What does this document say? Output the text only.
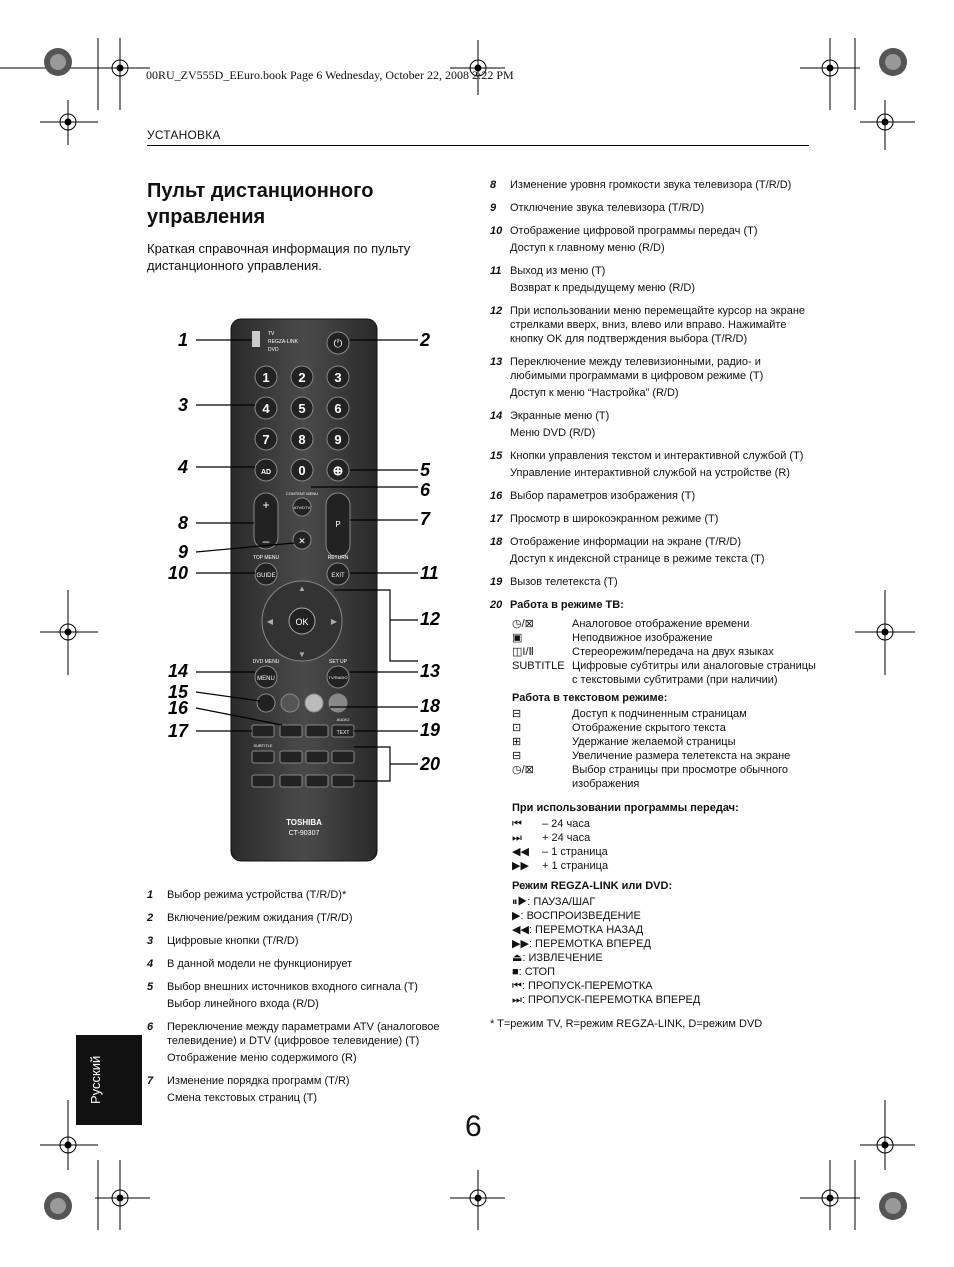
00RU_ZV555D_EEuro.book Page 6 Wednesday, October 22, 2008 2:22 PM
УСТАНОВКА
Пульт дистанционного управления
Краткая справочная информация по пульту дистанционного управления.
TV
REGZA-LINK
DVD	⏻
1 2 3
4 5 6
7 8 9
AD 0 ⊕
+
–
CONTENT MENU
ATV/DTV
P
✕
TOP MENU
GUIDE
RETURN
EXIT
OK
▲
▼
◀	▶
DVD MENU
MENU
SET UP
TV/RADIO
TEXT
AUDIO
SUBTITLE
TOSHIBA
CT-90307
1	2
3
4	5
6
7
8
9
10	11
12
13
14
15
16	18
17	19
20
1	Выбор режима устройства (T/R/D)*
2	Включение/режим ожидания (T/R/D)
3	Цифровые кнопки (T/R/D)
4	В данной модели не функционирует
5	Выбор внешних источников входного сигнала (T)
Выбор линейного входа (R/D)
6	Переключение между параметрами ATV (аналоговое телевидение) и DTV (цифровое телевидение) (T)
Отображение меню содержимого (R)
7	Изменение порядка программ (T/R)
Смена текстовых страниц (T)
8	Изменение уровня громкости звука телевизора (T/R/D)
9	Отключение звука телевизора (T/R/D)
10 Отображение цифровой программы передач (T)
Доступ к главному меню (R/D)
11 Выход из меню (T)
Возврат к предыдущему меню (R/D)
12 При использовании меню перемещайте курсор на экране стрелками вверх, вниз, влево или вправо. Нажимайте кнопку OK для подтверждения выбора (T/R/D)
13 Переключение между телевизионными, радио- и любимыми программами в цифровом режиме (T)
Доступ к меню “Настройка” (R/D)
14 Экранные меню (T)
Меню DVD (R/D)
15 Кнопки управления текстом и интерактивной службой (T)
Управление интерактивной службой на устройстве (R)
16 Выбор параметров изображения (T)
17 Просмотр в широкоэкранном режиме (T)
18 Отображение информации на экране (T/R/D)
Доступ к индексной странице в режиме текста (T)
19 Вызов телетекста (T)
20 Работа в режиме ТВ:
◷/⊠	Аналоговое отображение времени
▣	Неподвижное изображение
◫I/Ⅱ	Стереорежим/передача на двух языках
SUBTITLE Цифровые субтитры или аналоговые страницы с текстовыми субтитрами (при наличии)
Работа в текстовом режиме:
⊟	Доступ к подчиненным страницам
⊡	Отображение скрытого текста
⊞	Удержание желаемой страницы
⊟	Увеличение размера телетекста на экране
◷/⊠	Выбор страницы при просмотре обычного изображения
При использовании программы передач:
⏮	– 24 часа
⏭	+ 24 часа
◀◀	– 1 страница
▶▶	+ 1 страница
Режим REGZA-LINK или DVD:
⏸▶: ПАУЗА/ШАГ
▶: ВОСПРОИЗВЕДЕНИЕ
◀◀: ПЕРЕМОТКА НАЗАД
▶▶: ПЕРЕМОТКА ВПЕРЕД
⏏: ИЗВЛЕЧЕНИЕ
■: СТОП
⏮: ПРОПУСК-ПЕРЕМОТКА
⏭: ПРОПУСК-ПЕРЕМОТКА ВПЕРЕД
* T=режим TV, R=режим REGZA-LINK, D=режим DVD
Русский
6
